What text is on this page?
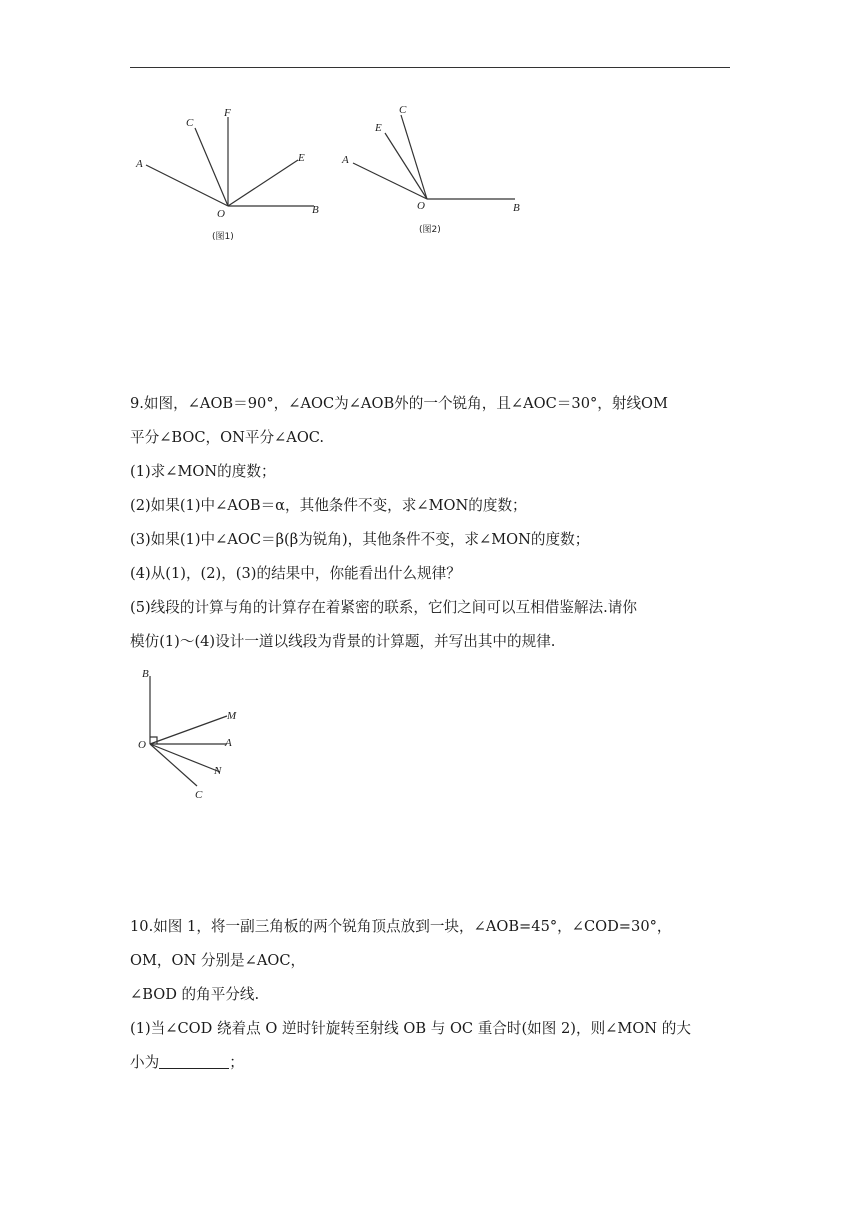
A
C
F
E
O	B
(图1)
E
C
A
O	B
(图2)
9.如图，∠AOB＝90°，∠AOC为∠AOB外的一个锐角，且∠AOC＝30°，射线OM
平分∠BOC，ON平分∠AOC.
(1)求∠MON的度数；
(2)如果(1)中∠AOB＝α，其他条件不变，求∠MON的度数；
(3)如果(1)中∠AOC＝β(β为锐角)，其他条件不变，求∠MON的度数；
(4)从(1)，(2)，(3)的结果中，你能看出什么规律？
(5)线段的计算与角的计算存在着紧密的联系，它们之间可以互相借鉴解法.请你
模仿(1)～(4)设计一道以线段为背景的计算题，并写出其中的规律.
B
M
O	A
N
C
10.如图 1，将一副三角板的两个锐角顶点放到一块，∠AOB=45°，∠COD=30°，
OM，ON 分别是∠AOC，
∠BOD 的角平分线.
(1)当∠COD 绕着点 O 逆时针旋转至射线 OB 与 OC 重合时(如图 2)，则∠MON 的大
小为	；
